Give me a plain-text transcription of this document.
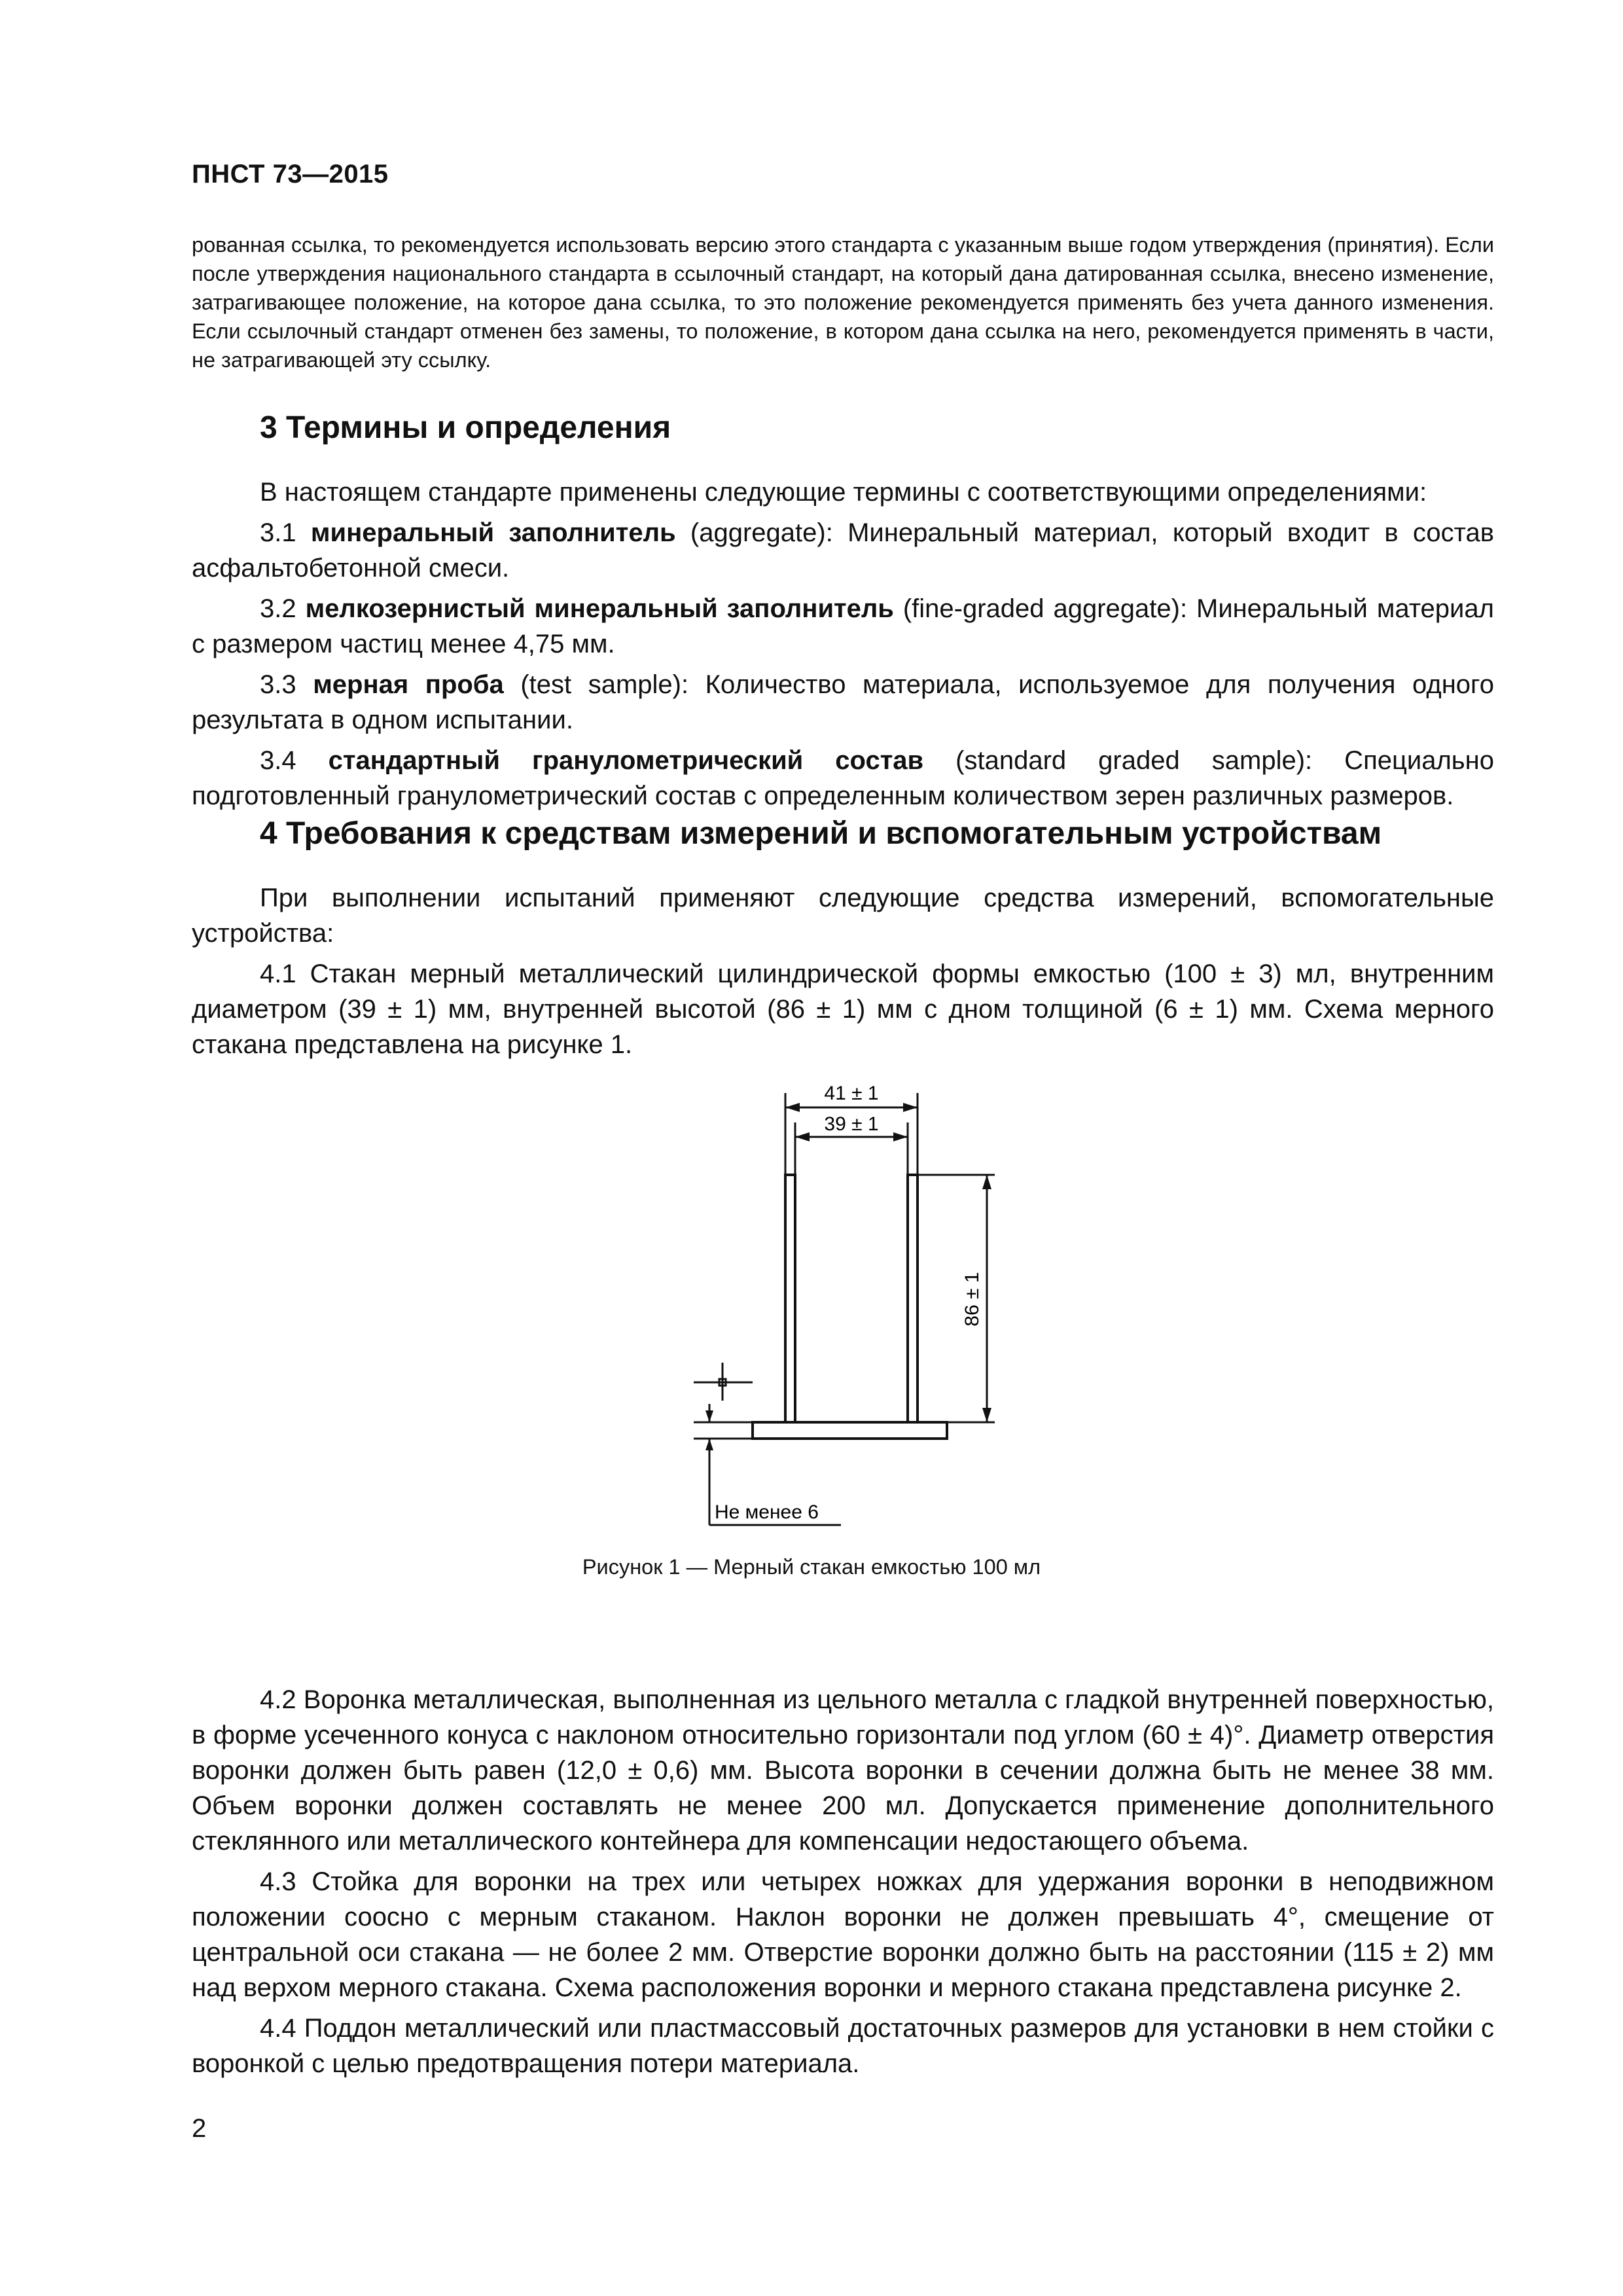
ПНСТ 73—2015

рованная ссылка, то рекомендуется использовать версию этого стандарта с указанным выше годом утверждения (принятия). Если после утверждения национального стандарта в ссылочный стандарт, на который дана датированная ссылка, внесено изменение, затрагивающее положение, на которое дана ссылка, то это положение рекомендуется применять без учета данного изменения. Если ссылочный стандарт отменен без замены, то положение, в котором дана ссылка на него, рекомендуется применять в части, не затрагивающей эту ссылку.

3 Термины и определения

В настоящем стандарте применены следующие термины с соответствующими определениями:

3.1 минеральный заполнитель (aggregate): Минеральный материал, который входит в состав асфальтобетонной смеси.

3.2 мелкозернистый минеральный заполнитель (fine-graded aggregate): Минеральный материал с размером частиц менее 4,75 мм.

3.3 мерная проба (test sample): Количество материала, используемое для получения одного результата в одном испытании.

3.4 стандартный гранулометрический состав (standard graded sample): Специально подготовленный гранулометрический состав с определенным количеством зерен различных размеров.

4 Требования к средствам измерений и вспомогательным устройствам

При выполнении испытаний применяют следующие средства измерений, вспомогательные устройства:

4.1 Стакан мерный металлический цилиндрической формы емкостью (100 ± 3) мл, внутренним диаметром (39 ± 1) мм, внутренней высотой (86 ± 1) мм с дном толщиной (6 ± 1) мм. Схема мерного стакана представлена на рисунке 1.

41 ± 1
39 ± 1
86 ± 1
Не менее 6
Рисунок 1 — Мерный стакан емкостью 100 мл

4.2 Воронка металлическая, выполненная из цельного металла с гладкой внутренней поверхностью, в форме усеченного конуса с наклоном относительно горизонтали под углом (60 ± 4)°. Диаметр отверстия воронки должен быть равен (12,0 ± 0,6) мм. Высота воронки в сечении должна быть не менее 38 мм. Объем воронки должен составлять не менее 200 мл. Допускается применение дополнительного стеклянного или металлического контейнера для компенсации недостающего объема.

4.3 Стойка для воронки на трех или четырех ножках для удержания воронки в неподвижном положении соосно с мерным стаканом. Наклон воронки не должен превышать 4°, смещение от центральной оси стакана — не более 2 мм. Отверстие воронки должно быть на расстоянии (115 ± 2) мм над верхом мерного стакана. Схема расположения воронки и мерного стакана представлена рисунке 2.

4.4 Поддон металлический или пластмассовый достаточных размеров для установки в нем стойки с воронкой с целью предотвращения потери материала.

2
